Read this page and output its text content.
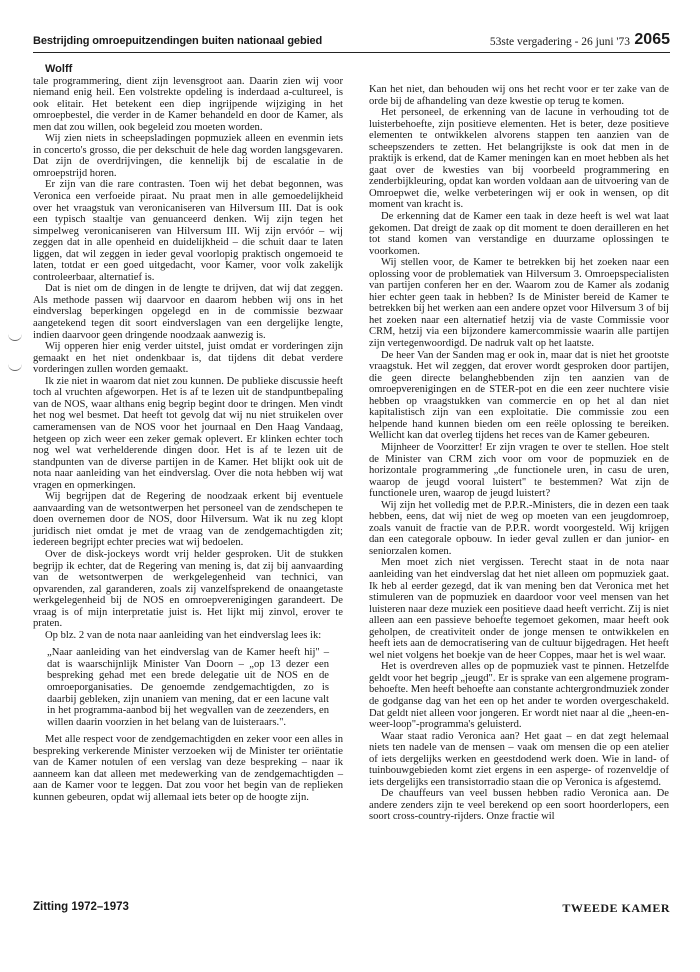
Bestrijding omroepuitzendingen buiten nationaal gebied	53ste vergadering - 26 juni '73 2065

Wolff

tale programmering, dient zijn levensgroot aan. Daarin zien wij voor niemand enig heil. Een volstrekte opdeling is inderdaad a-cultureel, is ook elitair. Het betekent een diep ingrijpende wijziging in het omroepbestel, die verder in de Kamer behandeld en door de Kamer, als men dat zou willen, ook begeleid zou moeten worden.

Wij zien niets in scheepsladingen popmuziek alleen en evenmin iets in concerto's grosso, die per dekschuit de hele dag worden langsgevaren. Dat zijn de overdrijvingen, die kennelijk bij de escalatie in de omroepstrijd horen.

Er zijn van die rare contrasten. Toen wij het debat begonnen, was Veronica een verfoeide piraat. Nu praat men in alle gemoedelijkheid over het vraagstuk van veronicaniseren van Hilversum III. Dat is ook een typisch staaltje van genuanceerd denken. Wij zijn tegen het simpelweg veronicaniseren van Hilversum III. Wij zijn ervóór – wij zeggen dat in alle openheid en duidelijkheid – die schuit daar te laten liggen, dat wil zeggen in ieder geval voorlopig praktisch ongemoeid te laten, totdat er een goed uitgedacht, voor Kamer, voor volk zakelijk controleerbaar, alternatief is.

Dat is niet om de dingen in de lengte te drijven, dat wij dat zeggen. Als methode passen wij daarvoor en daarom hebben wij ons in het eindverslag beperkingen opgelegd en in de commissie bezwaar aangetekend tegen dit soort eindverslagen van een dergelijke lengte, indien daarvoor geen dringende noodzaak aanwezig is.

Wij opperen hier enig verder uitstel, juist omdat er vorderingen zijn gemaakt en het niet ondenkbaar is, dat tijdens dit debat verdere vorderingen zullen worden gemaakt.

Ik zie niet in waarom dat niet zou kunnen. De publieke discussie heeft toch al vruchten afgeworpen. Het is af te lezen uit de standpuntbepaling van de NOS, waar althans enig begrip begint door te dringen. Men vindt het nog wel besmet. Dat heeft tot gevolg dat wij nu niet struikelen over cameramensen van de NOS voor het journaal en Den Haag Vandaag, hetgeen op zich weer een zeker gemak oplevert. Er klinken echter toch nog wel wat verhelderende dingen door. Het is af te lezen uit de standpunten van de diverse partijen in de Kamer. Het blijkt ook uit de nota naar aanleiding van het eindverslag. Over die nota hebben wij wat vragen en opmerkingen.

Wij begrijpen dat de Regering de noodzaak erkent bij eventuele aanvaarding van de wetsontwerpen het personeel van de zendschepen te doen overnemen door de NOS, door Hilversum. Wat ik nu zeg klopt juridisch niet omdat je met de vraag van de zendgemachtigden zit; iedereen begrijpt echter precies wat wij bedoelen.

Over de disk-jockeys wordt vrij helder gesproken. Uit de stukken begrijp ik echter, dat de Regering van mening is, dat zij bij aanvaarding van de wetsontwerpen de werkgelegenheid van technici, van opvarenden, zal garanderen, zoals zij vanzelfsprekend de onaangetaste werkgelegenheid bij de NOS en omroepverenigingen garandeert. De vraag is of mijn interpretatie juist is. Het lijkt mij zinvol, erover te praten.

Op blz. 2 van de nota naar aanleiding van het eindverslag lees ik:

„Naar aanleiding van het eindverslag van de Kamer heeft hij" – dat is waarschijnlijk Minister Van Doorn – „op 13 dezer een bespreking gehad met een brede delegatie uit de NOS en de omroeporganisaties. De genoemde zendgemachtigden, zo is daarbij gebleken, zijn unaniem van mening, dat er een lacune valt in het programma-aanbod bij het wegvallen van de zeezenders, en willen daarin voorzien in het belang van de luisteraars.".

Met alle respect voor de zendgemachtigden en zeker voor een alles in bespreking verkerende Minister verzoeken wij de Minister ter oriëntatie van de Kamer notulen of een verslag van deze bespreking – naar ik aanneem kan dat alleen met medewerking van de zendgemachtigden – aan de Kamer voor te leggen. Dat zou voor het begin van de replieken kunnen gebeuren, opdat wij allemaal iets beter op de hoogte zijn.

Kan het niet, dan behouden wij ons het recht voor er ter zake van de orde bij de afhandeling van deze kwestie op terug te komen.

Het personeel, de erkenning van de lacune in verhouding tot de luisterbehoefte, zijn positieve elementen. Het is beter, deze positieve elementen te ontwikkelen alvorens stappen ten aanzien van de scheepszenders te zetten. Het belangrijkste is ook dat men in de praktijk is erkend, dat de Kamer meningen kan en moet hebben als het gaat over de kwesties van bij voorbeeld programmering en zenderbijkleuring, opdat kan worden voldaan aan de uitvoering van de Omroepwet die, welke verbeteringen wij er ook in wensen, op dit moment van kracht is.

De erkenning dat de Kamer een taak in deze heeft is wel wat laat gekomen. Dat dreigt de zaak op dit moment te doen derailleren en het tot stand komen van verstandige en duurzame oplossingen te voorkomen.

Wij stellen voor, de Kamer te betrekken bij het zoeken naar een oplossing voor de problematiek van Hilversum 3. Omroepspecialisten van partijen conferen her en der. Waarom zou de Kamer als zodanig hier echter geen taak in hebben? Is de Minister bereid de Kamer te betrekken bij het werken aan een andere opzet voor Hilversum 3 of bij het zoeken naar een alternatief hetzij via de vaste Commissie voor CRM, hetzij via een bijzondere kamercommissie waarin alle partijen zijn vertegenwoordigd. De nadruk valt op het laatste.

De heer Van der Sanden mag er ook in, maar dat is niet het grootste vraagstuk. Het wil zeggen, dat erover wordt gesproken door partijen, die geen directe belanghebbenden zijn ten aanzien van de omroepverenigingen en de STER-pot en die een zeer nuchtere visie hebben op vraagstukken van commercie en op het al dan niet kapitalistisch zijn van een exploitatie. Die commissie zou een helpende hand kunnen bieden om een reële oplossing te bereiken. Wellicht kan dat overleg tijdens het reces van de Kamer gebeuren.

Mijnheer de Voorzitter! Er zijn vragen te over te stellen. Hoe stelt de Minister van CRM zich voor om voor de popmuziek en de horizontale programmering „de functionele uren, in casu de uren, waarop de jeugd vooral luistert" te bestemmen? Wat zijn de functionele uren, waarop de jeugd luistert?

Wij zijn het volledig met de P.P.R.-Ministers, die in dezen een taak hebben, eens, dat wij niet de weg op moeten van een jeugdomroep, zoals vanuit de fractie van de P.P.R. wordt voorgesteld. Wij krijgen dan een categorale opbouw. In ieder geval zullen er dan junior- en seniorzalen komen.

Men moet zich niet vergissen. Terecht staat in de nota naar aanleiding van het eindverslag dat het niet alleen om popmuziek gaat. Ik heb al eerder gezegd, dat ik van mening ben dat Veronica met het stimuleren van de popmuziek en daardoor voor veel mensen van het luisteren naar deze muziek een positieve daad heeft verricht. Zij is niet alleen aan een passieve behoefte tegemoet gekomen, maar heeft ook geholpen, de creativiteit onder de jonge mensen te ontwikkelen en heeft iets aan de democratisering van de cultuur bijgedragen. Het heeft wel niet volgens het boekje van de heer Coppes, maar het is wel waar.

Het is overdreven alles op de popmuziek vast te pinnen. Hetzelfde geldt voor het begrip „jeugd". Er is sprake van een algemene program-behoefte. Men heeft behoefte aan constante achtergrondmuziek zonder de godganse dag van het een op het ander te worden overgeschakeld. Dat geldt niet alleen voor jongeren. Er wordt niet naar al die „heen-en-weer-loop"-programma's geluisterd.

Waar staat radio Veronica aan? Het gaat – en dat zegt helemaal niets ten nadele van de mensen – vaak om mensen die op een atelier of iets dergelijks werken en geestdodend werk doen. Wie in land- of tuinbouwgebieden komt ziet ergens in een asperge- of rozenveldje of iets dergelijks een transistorradio staan die op Veronica is afgestemd.

De chauffeurs van veel bussen hebben radio Veronica aan. De andere zenders zijn te veel berekend op een soort hoorderlopers, een soort cross-country-rijders. Onze fractie wil

Zitting 1972–1973	TWEEDE KAMER
